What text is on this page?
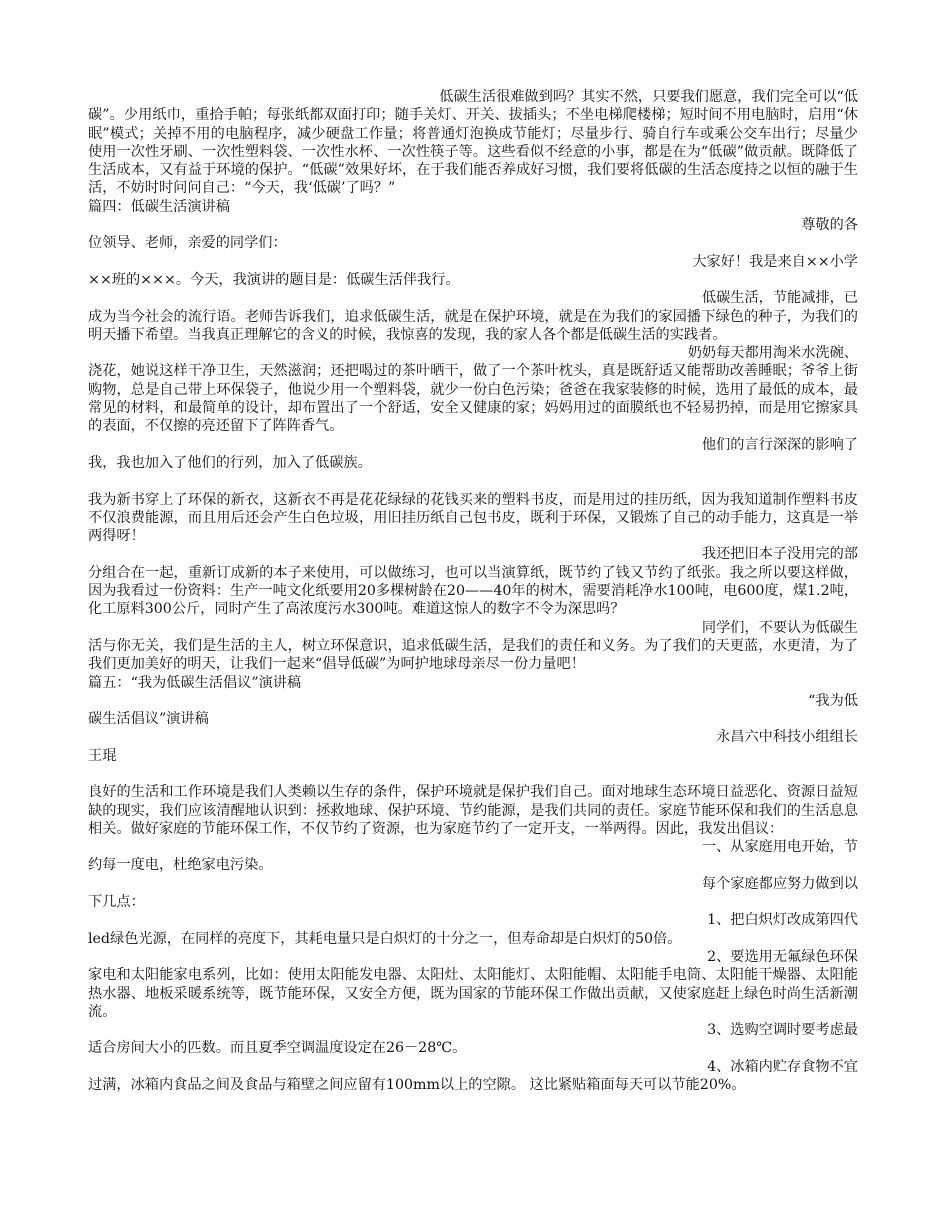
低碳生活很难做到吗？其实不然，只要我们愿意，我们完全可以“低
碳”。少用纸巾，重拾手帕；每张纸都双面打印；随手关灯、开关、拔插头；不坐电梯爬楼梯；短时间不用电脑时，启用“休眠”模式；关掉不用的电脑程序，减少硬盘工作量；将普通灯泡换成节能灯；尽量步行、骑自行车或乘公交车出行；尽量少使用一次性牙刷、一次性塑料袋、一次性水杯、一次性筷子等。这些看似不经意的小事，都是在为“低碳”做贡献。既降低了生活成本，又有益于环境的保护。“低碳”效果好坏，在于我们能否养成好习惯，我们要将低碳的生活态度持之以恒的融于生活，不妨时时问问自己：“今天，我‘低碳’了吗？”
篇四：低碳生活演讲稿
尊敬的各
位领导、老师，亲爱的同学们：
大家好！我是来自××小学
××班的×××。今天，我演讲的题目是：低碳生活伴我行。
低碳生活，节能减排，已
成为当今社会的流行语。老师告诉我们，追求低碳生活，就是在保护环境，就是在为我们的家园播下绿色的种子，为我们的明天播下希望。当我真正理解它的含义的时候，我惊喜的发现，我的家人各个都是低碳生活的实践者。
奶奶每天都用淘米水洗碗、
浇花，她说这样干净卫生，天然滋润；还把喝过的茶叶晒干，做了一个茶叶枕头，真是既舒适又能帮助改善睡眠；爷爷上街购物，总是自己带上环保袋子，他说少用一个塑料袋，就少一份白色污染；爸爸在我家装修的时候，选用了最低的成本，最常见的材料，和最简单的设计，却布置出了一个舒适，安全又健康的家；妈妈用过的面膜纸也不轻易扔掉，而是用它擦家具的表面，不仅擦的亮还留下了阵阵香气。
他们的言行深深的影响了
我，我也加入了他们的行列，加入了低碳族。
我为新书穿上了环保的新衣，这新衣不再是花花绿绿的花钱买来的塑料书皮，而是用过的挂历纸，因为我知道制作塑料书皮不仅浪费能源，而且用后还会产生白色垃圾，用旧挂历纸自己包书皮，既利于环保，又锻炼了自己的动手能力，这真是一举两得呀！
我还把旧本子没用完的部
分组合在一起，重新订成新的本子来使用，可以做练习，也可以当演算纸，既节约了钱又节约了纸张。我之所以要这样做，因为我看过一份资料：生产一吨文化纸要用20多棵树龄在20——40年的树木，需要消耗净水100吨，电600度，煤1.2吨，化工原料300公斤，同时产生了高浓度污水300吨。难道这惊人的数字不令为深思吗？
同学们，不要认为低碳生
活与你无关，我们是生活的主人，树立环保意识，追求低碳生活，是我们的责任和义务。为了我们的天更蓝，水更清，为了我们更加美好的明天，让我们一起来“倡导低碳”为呵护地球母亲尽一份力量吧！
篇五：“我为低碳生活倡议”演讲稿
“我为低
碳生活倡议”演讲稿
永昌六中科技小组组长
王琨
良好的生活和工作环境是我们人类赖以生存的条件，保护环境就是保护我们自己。面对地球生态环境日益恶化、资源日益短缺的现实，我们应该清醒地认识到：拯救地球、保护环境、节约能源，是我们共同的责任。家庭节能环保和我们的生活息息相关。做好家庭的节能环保工作，不仅节约了资源，也为家庭节约了一定开支，一举两得。因此，我发出倡议：
一、从家庭用电开始，节
约每一度电，杜绝家电污染。
每个家庭都应努力做到以
下几点：
1、把白炽灯改成第四代
led绿色光源，在同样的亮度下，其耗电量只是白炽灯的十分之一，但寿命却是白炽灯的50倍。
2、要选用无氟绿色环保
家电和太阳能家电系列，比如：使用太阳能发电器、太阳灶、太阳能灯、太阳能帽、太阳能手电筒、太阳能干燥器、太阳能热水器、地板采暖系统等，既节能环保，又安全方便，既为国家的节能环保工作做出贡献，又使家庭赶上绿色时尚生活新潮流。
3、选购空调时要考虑最
适合房间大小的匹数。而且夏季空调温度设定在26－28℃。
4、冰箱内贮存食物不宜
过满，冰箱内食品之间及食品与箱壁之间应留有100mm以上的空隙。 这比紧贴箱面每天可以节能20%。
